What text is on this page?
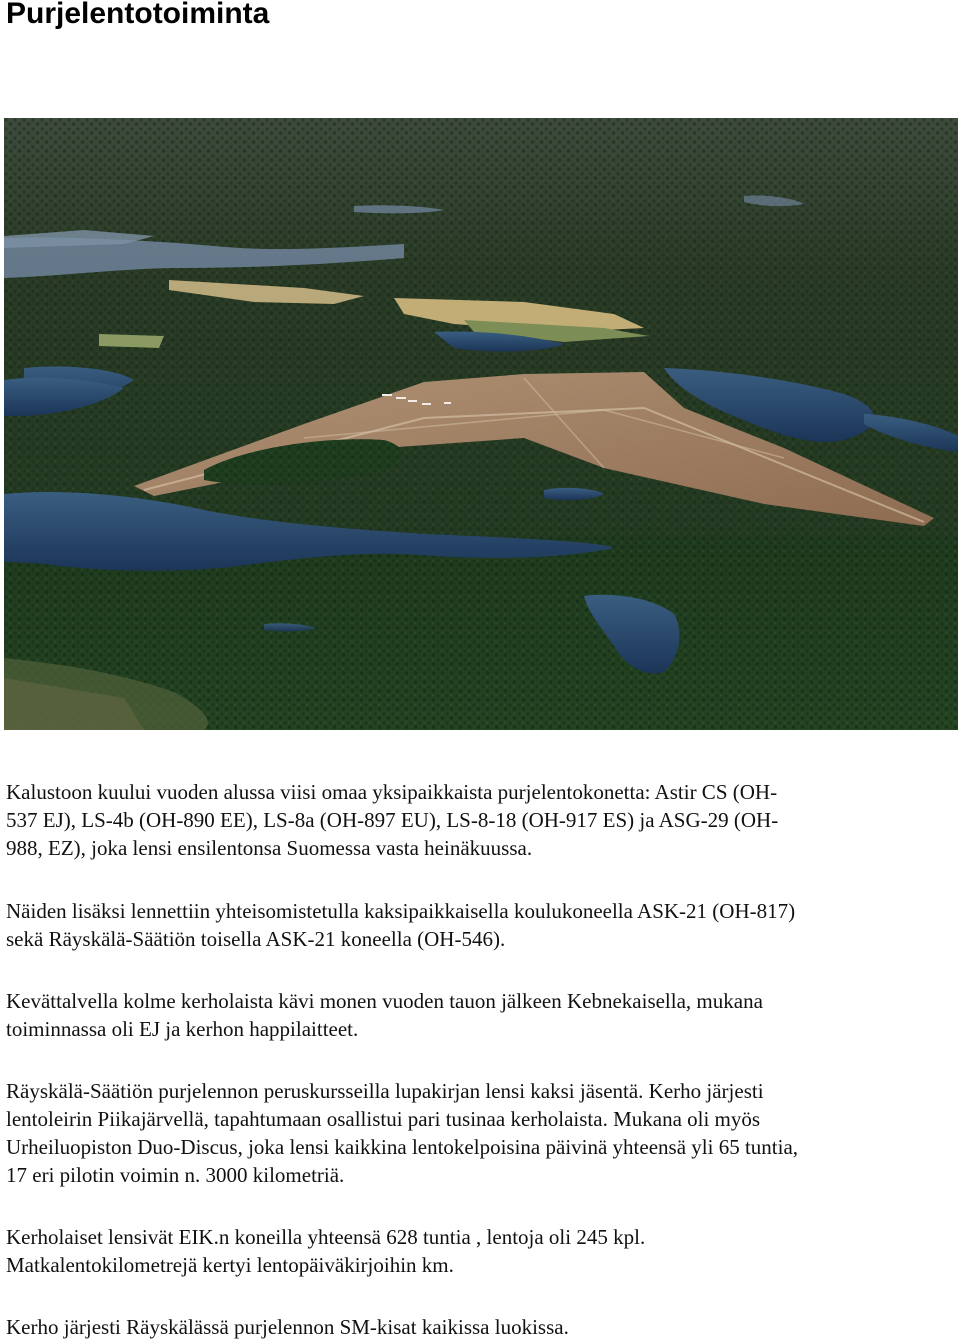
Purjelentotoiminta

Kalustoon kuului vuoden alussa viisi omaa yksipaikkaista purjelentokonetta: Astir CS (OH-
537 EJ), LS-4b (OH-890 EE), LS-8a (OH-897 EU), LS-8-18 (OH-917 ES) ja ASG-29 (OH-
988, EZ), joka lensi ensilentonsa Suomessa vasta heinäkuussa.

Näiden lisäksi lennettiin yhteisomistetulla kaksipaikkaisella koulukoneella ASK-21 (OH-817)
sekä Räyskälä-Säätiön toisella ASK-21 koneella (OH-546).

Kevättalvella kolme kerholaista kävi monen vuoden tauon jälkeen Kebnekaisella, mukana
toiminnassa oli EJ ja kerhon happilaitteet.

Räyskälä-Säätiön purjelennon peruskursseilla lupakirjan lensi kaksi jäsentä. Kerho järjesti
lentoleirin Piikajärvellä, tapahtumaan osallistui pari tusinaa kerholaista. Mukana oli myös
Urheiluopiston Duo-Discus, joka lensi kaikkina lentokelpoisina päivinä yhteensä yli 65 tuntia,
17 eri pilotin voimin n. 3000 kilometriä.

Kerholaiset lensivät EIK.n koneilla yhteensä 628 tuntia , lentoja oli 245 kpl.
Matkalentokilometrejä kertyi lentopäiväkirjoihin km.

Kerho järjesti Räyskälässä purjelennon SM-kisat kaikissa luokissa.
